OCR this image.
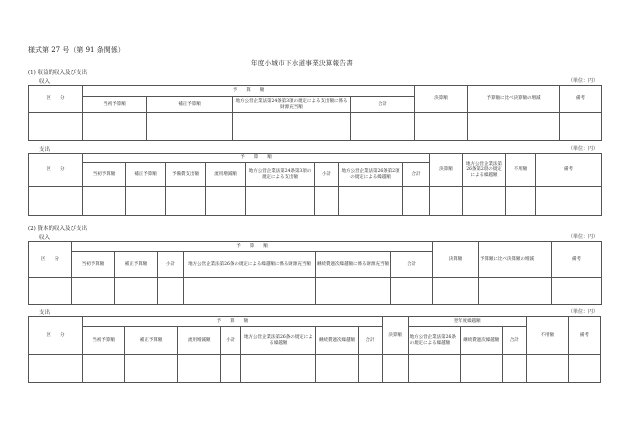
様式第 27 号（第 91 条関係）
年度小城市下水道事業決算報告書
(1) 収益的収入及び支出
収入	（単位：円）
区　　分	予　　算　　額				決算額	予算額に比べ決算額の増減	備考
	当初予算額	補正予算額	地方公営企業法第24条第3項の規定による支出額に係る財源充当額	合計			

支出	（単位：円）
区　　分	予　　算　　額								決算額	地方公営企業法第26条第2項の規定による繰越額	不用額	備考
	当初予算額	補正予算額	予備費支出額	流用増減額	地方公営企業法第24条第3項の規定による支出額	小計	地方公営企業法第26条第2項の規定による繰越額	合計				

(2) 資本的収入及び支出
収入	（単位：円）
区　　分	予　　算　　額						決算額	予算額に比べ決算額の増減	備考
	当初予算額	補正予算額	小計	地方公営企業法第26条の規定による繰越額に係る財源充当額	継続費逓次繰越額に係る財源充当額	合計			

支出	（単位：円）
区　　分	予　　算　　額							決算額	翌年度繰越額			不用額	備考
	当初予算額	補正予算額	流用増減額	小計	地方公営企業法第26条の規定による繰越額	継続費逓次繰越額	合計		地方公営企業法第26条の規定による繰越額	継続費逓次繰越額	合計		
